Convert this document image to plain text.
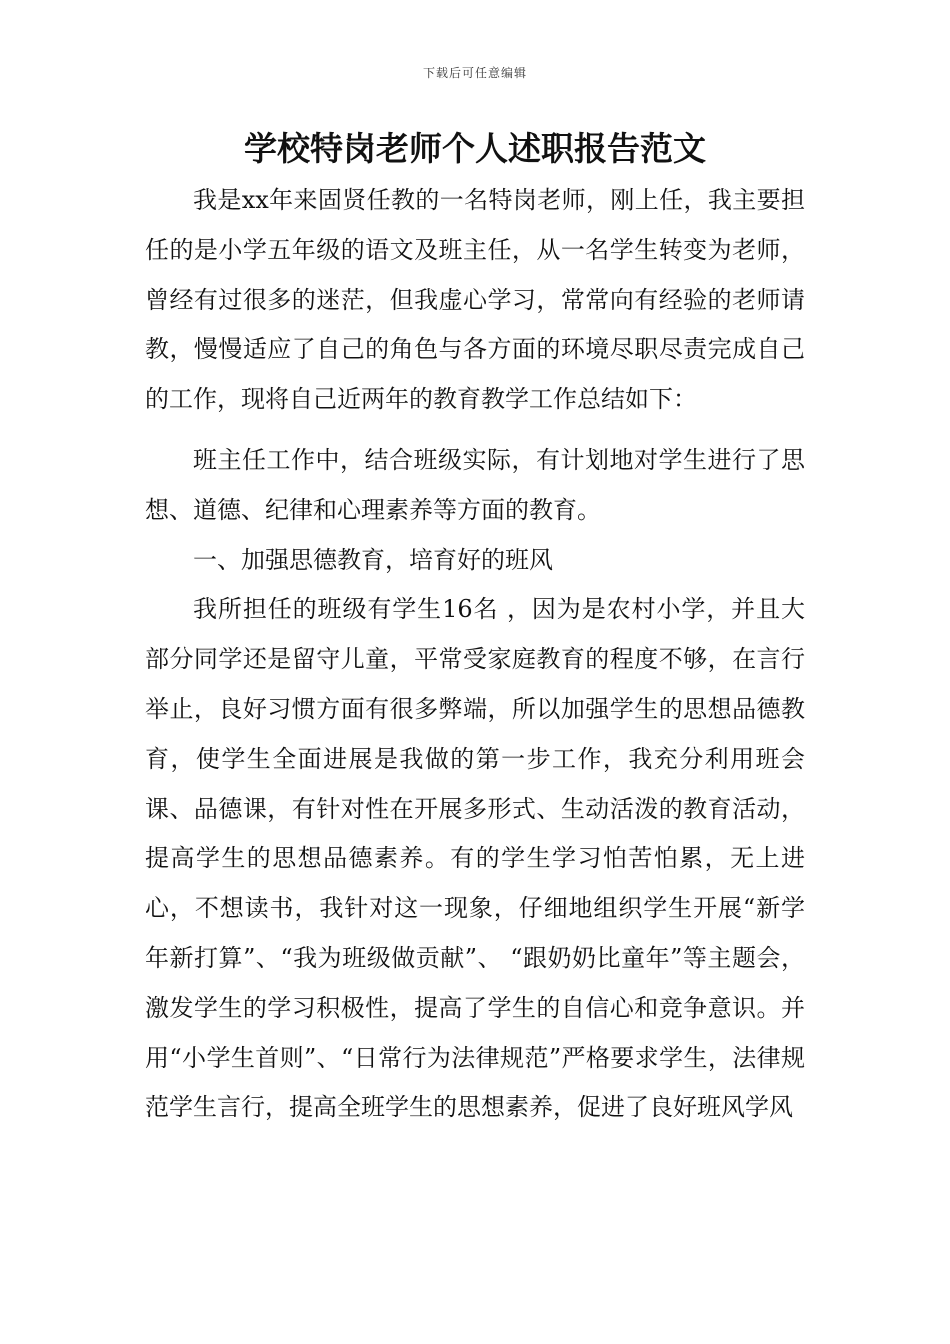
下载后可任意编辑
学校特岗老师个人述职报告范文

我是xx年来固贤任教的一名特岗老师，刚上任，我主要担任的是小学五年级的语文及班主任，从一名学生转变为老师，曾经有过很多的迷茫，但我虚心学习，常常向有经验的老师请教，慢慢适应了自己的角色与各方面的环境尽职尽责完成自己的工作，现将自己近两年的教育教学工作总结如下：

班主任工作中，结合班级实际，有计划地对学生进行了思想、道德、纪律和心理素养等方面的教育。

一、加强思德教育，培育好的班风

我所担任的班级有学生16名 ，因为是农村小学，并且大部分同学还是留守儿童，平常受家庭教育的程度不够，在言行举止，良好习惯方面有很多弊端，所以加强学生的思想品德教育，使学生全面进展是我做的第一步工作，我充分利用班会课、品德课，有针对性在开展多形式、生动活泼的教育活动，提高学生的思想品德素养。有的学生学习怕苦怕累，无上进心，不想读书，我针对这一现象，仔细地组织学生开展“新学年新打算”、“我为班级做贡献”、 “跟奶奶比童年”等主题会，激发学生的学习积极性，提高了学生的自信心和竞争意识。并用“小学生首则”、“日常行为法律规范”严格要求学生，法律规范学生言行，提高全班学生的思想素养，促进了良好班风学风
